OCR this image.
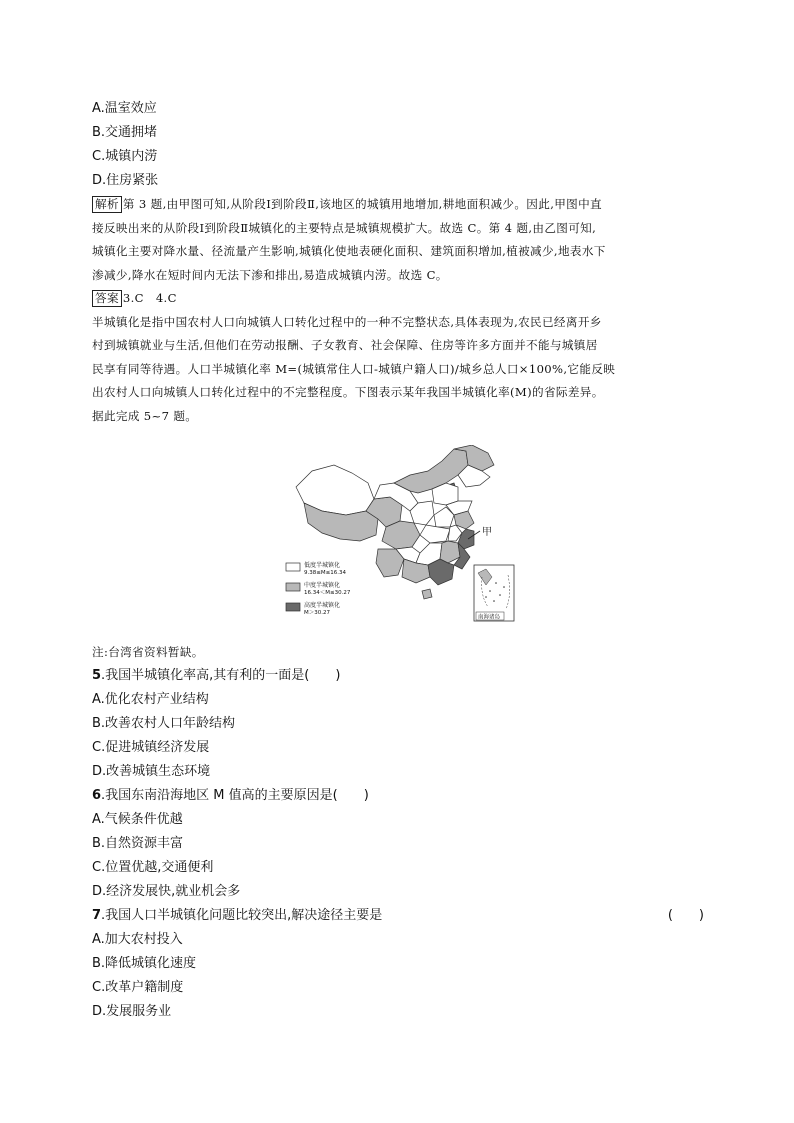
A.温室效应
B.交通拥堵
C.城镇内涝
D.住房紧张
解析 第 3 题,由甲图可知,从阶段Ⅰ到阶段Ⅱ,该地区的城镇用地增加,耕地面积减少。因此,甲图中直
接反映出来的从阶段Ⅰ到阶段Ⅱ城镇化的主要特点是城镇规模扩大。故选 C。第 4 题,由乙图可知,
城镇化主要对降水量、径流量产生影响,城镇化使地表硬化面积、建筑面积增加,植被减少,地表水下
渗减少,降水在短时间内无法下渗和排出,易造成城镇内涝。故选 C。
答案 3.C　4.C
半城镇化是指中国农村人口向城镇人口转化过程中的一种不完整状态,具体表现为,农民已经离开乡
村到城镇就业与生活,但他们在劳动报酬、子女教育、社会保障、住房等许多方面并不能与城镇居
民享有同等待遇。人口半城镇化率 M=(城镇常住人口-城镇户籍人口)/城乡总人口×100%,它能反映
出农村人口向城镇人口转化过程中的不完整程度。下图表示某年我国半城镇化率(M)的省际差异。
据此完成 5~7 题。
注:台湾省资料暂缺。
5.我国半城镇化率高,其有利的一面是(　　)
A.优化农村产业结构
B.改善农村人口年龄结构
C.促进城镇经济发展
D.改善城镇生态环境
6.我国东南沿海地区 M 值高的主要原因是(　　)
A.气候条件优越
B.自然资源丰富
C.位置优越,交通便利
D.经济发展快,就业机会多
7.我国人口半城镇化问题比较突出,解决途径主要是	(　　)
A.加大农村投入
B.降低城镇化速度
C.改革户籍制度
D.发展服务业
甲
低度半城镇化
9.38≤M≤16.34
中度半城镇化
16.34＜M≤30.27
高度半城镇化
M＞30.27
南海诸岛
